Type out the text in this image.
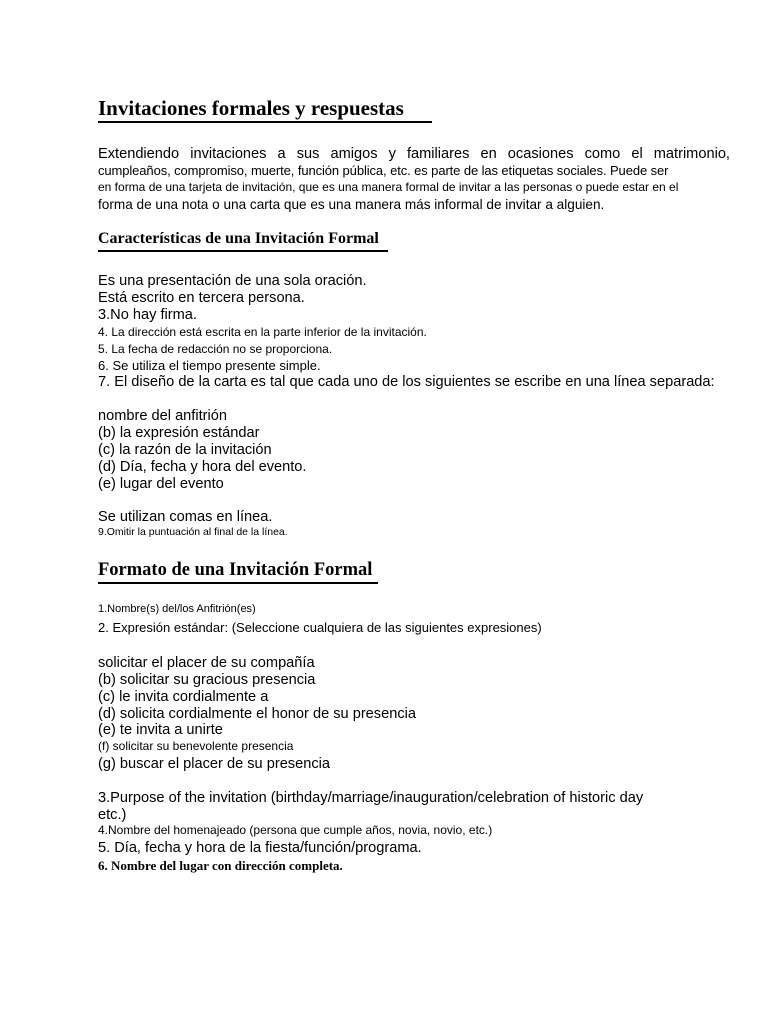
Invitaciones formales y respuestas
Extendiendo invitaciones a sus amigos y familiares en ocasiones como el matrimonio,
cumpleaños, compromiso, muerte, función pública, etc. es parte de las etiquetas sociales. Puede ser
en forma de una tarjeta de invitación, que es una manera formal de invitar a las personas o puede estar en el
forma de una nota o una carta que es una manera más informal de invitar a alguien.
Características de una Invitación Formal
Es una presentación de una sola oración.
Está escrito en tercera persona.
3.No hay firma.
4. La dirección está escrita en la parte inferior de la invitación.
5. La fecha de redacción no se proporciona.
6. Se utiliza el tiempo presente simple.
7. El diseño de la carta es tal que cada uno de los siguientes se escribe en una línea separada:
nombre del anfitrión
(b) la expresión estándar
(c) la razón de la invitación
(d) Día, fecha y hora del evento.
(e) lugar del evento
Se utilizan comas en línea.
9.Omitir la puntuación al final de la línea.
Formato de una Invitación Formal
1.Nombre(s) del/los Anfitrión(es)
2. Expresión estándar: (Seleccione cualquiera de las siguientes expresiones)
solicitar el placer de su compañía
(b) solicitar su gracious presencia
(c) le invita cordialmente a
(d) solicita cordialmente el honor de su presencia
(e) te invita a unirte
(f) solicitar su benevolente presencia
(g) buscar el placer de su presencia
3.Purpose of the invitation (birthday/marriage/inauguration/celebration of historic day
etc.)
4.Nombre del homenajeado (persona que cumple años, novia, novio, etc.)
5. Día, fecha y hora de la fiesta/función/programa.
6. Nombre del lugar con dirección completa.
